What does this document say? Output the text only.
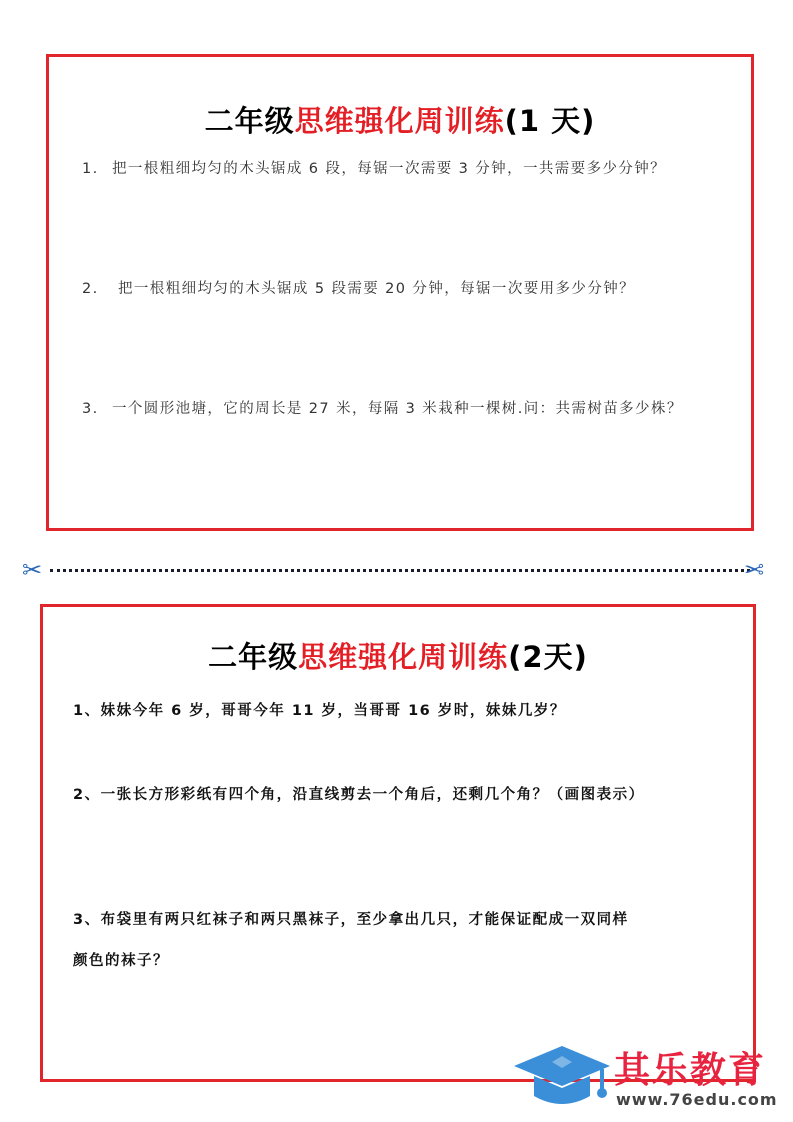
二年级思维强化周训练(1 天)
1. 把一根粗细均匀的木头锯成 6 段，每锯一次需要 3 分钟，一共需要多少分钟？
2. 把一根粗细均匀的木头锯成 5 段需要 20 分钟，每锯一次要用多少分钟？
3. 一个圆形池塘，它的周长是 27 米，每隔 3 米栽种一棵树.问：共需树苗多少株？
✂	✂
二年级思维强化周训练(2天)
1、妹妹今年 6 岁，哥哥今年 11 岁，当哥哥 16 岁时，妹妹几岁？
2、一张长方形彩纸有四个角，沿直线剪去一个角后，还剩几个角？（画图表示）
3、布袋里有两只红袜子和两只黑袜子，至少拿出几只，才能保证配成一双同样
颜色的袜子？
其乐教育
www.76edu.com
